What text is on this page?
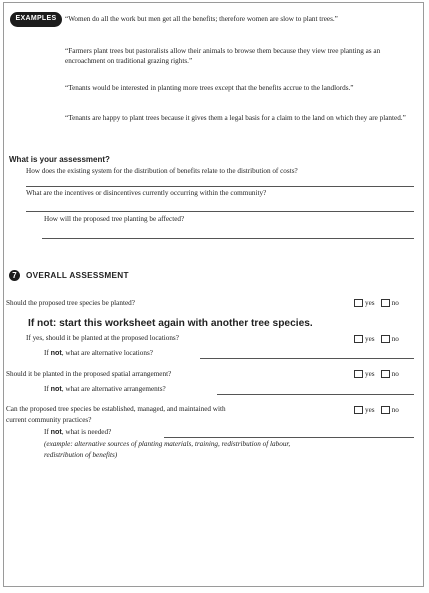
EXAMPLES	“Women do all the work but men get all the benefits; therefore women are slow to plant trees.”
“Farmers plant trees but pastoralists allow their animals to browse them because they view tree planting as an encroachment on traditional grazing rights.”
“Tenants would be interested in planting more trees except that the benefits accrue to the landlords.”
“Tenants are happy to plant trees because it gives them a legal basis for a claim to the land on which they are planted.”
What is your assessment?
How does the existing system for the distribution of benefits relate to the distribution of costs?
What are the incentives or disincentives currently occurring within the community?
How will the proposed tree planting be affected?
7	OVERALL ASSESSMENT
Should the proposed tree species be planted?	yes no
If not: start this worksheet again with another tree species.
If yes, should it be planted at the proposed locations?	yes no
If not, what are alternative locations?
Should it be planted in the proposed spatial arrangement?	yes no
If not, what are alternative arrangements?
Can the proposed tree species be established, managed, and maintained with
current community practices?
yes no
If not, what is needed?
(example: alternative sources of planting materials, training, redistribution of labour,
redistribution of benefits)
